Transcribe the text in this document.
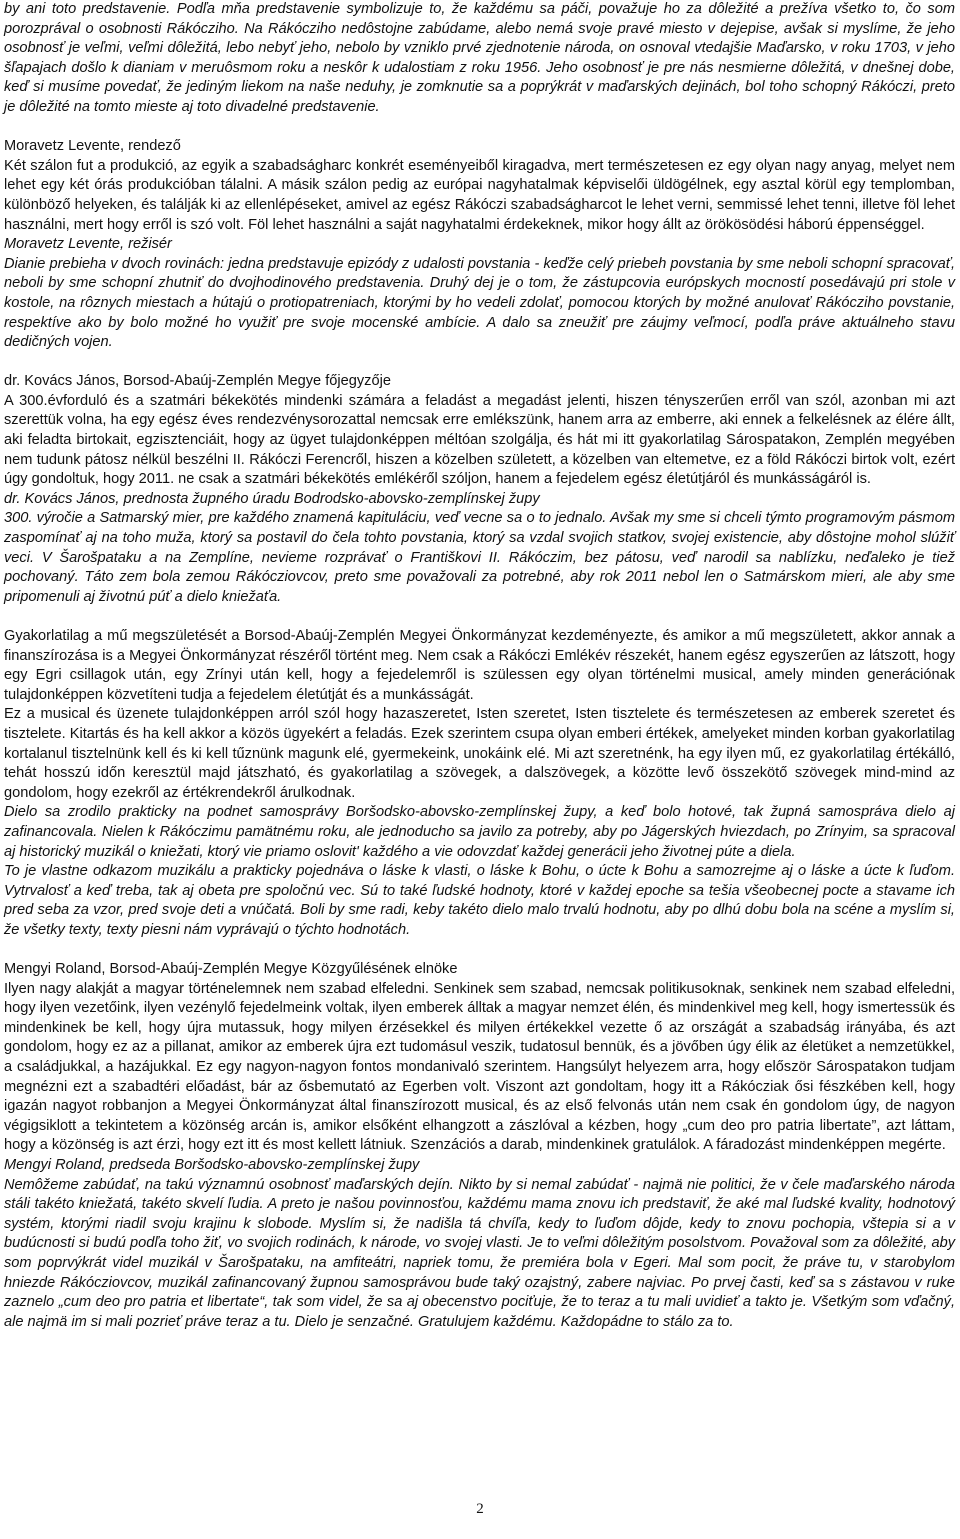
by ani toto predstavenie. Podľa mňa predstavenie symbolizuje to, že každému sa páči, považuje ho za dôležité a prežíva všetko to, čo som porozprával o osobnosti Rákócziho. Na Rákócziho nedôstojne zabúdame, alebo nemá svoje pravé miesto v dejepise, avšak si myslíme, že jeho osobnosť je veľmi, veľmi dôležitá, lebo nebyť jeho, nebolo by vzniklo prvé zjednotenie národa, on osnoval vtedajšie Maďarsko, v roku 1703, v jeho šľapajach došlo k dianiam v meruôsmom roku a neskôr k udalostiam z roku 1956. Jeho osobnosť je pre nás nesmierne dôležitá, v dnešnej dobe, keď si musíme povedať, že jediným liekom na naše neduhy, je zomknutie sa a poprýkrát v maďarských dejinách, bol toho schopný Rákóczi, preto je dôležité na tomto mieste aj toto divadelné predstavenie.

Moravetz Levente, rendező

Két szálon fut a produkció, az egyik a szabadságharc konkrét eseményeiből kiragadva, mert természetesen ez egy olyan nagy anyag, melyet nem lehet egy két órás produkcióban tálalni. A másik szálon pedig az európai nagyhatalmak képviselői üldögélnek, egy asztal körül egy templomban, különböző helyeken, és találják ki az ellenlépéseket, amivel az egész Rákóczi szabadságharcot le lehet verni, semmissé lehet tenni, illetve föl lehet használni, mert hogy erről is szó volt. Föl lehet használni a saját nagyhatalmi érdekeknek, mikor hogy állt az örökösödési háború éppenséggel.

Moravetz Levente, režisér

Dianie prebieha v dvoch rovinách: jedna predstavuje epizódy z udalosti povstania - keďže celý priebeh povstania by sme neboli schopní spracovať, neboli by sme schopní zhutniť do dvojhodinového predstavenia. Druhý dej je o tom, že zástupcovia európskych mocností posedávajú pri stole v kostole, na rôznych miestach a hútajú o protiopatreniach, ktorými by ho vedeli zdolať, pomocou ktorých by možné anulovať Rákócziho povstanie, respektíve ako by bolo možné ho využiť pre svoje mocenské ambície. A dalo sa zneužiť pre záujmy veľmocí, podľa práve aktuálneho stavu dedičných vojen.

dr. Kovács János, Borsod-Abaúj-Zemplén Megye főjegyzője

A 300.évforduló és a szatmári békekötés mindenki számára a feladást a megadást jelenti, hiszen tényszerűen erről van szól, azonban mi azt szerettük volna, ha egy egész éves rendezvénysorozattal nemcsak erre emlékszünk, hanem arra az emberre, aki ennek a felkelésnek az élére állt, aki feladta birtokait, egzisztenciáit, hogy az ügyet tulajdonképpen méltóan szolgálja, és hát mi itt gyakorlatilag Sárospatakon, Zemplén megyében nem tudunk pátosz nélkül beszélni II. Rákóczi Ferencről, hiszen a közelben született, a közelben van eltemetve, ez a föld Rákóczi birtok volt, ezért úgy gondoltuk, hogy 2011. ne csak a szatmári békekötés emlékéről szóljon, hanem a fejedelem egész életútjáról és munkásságáról is.

dr. Kovács János, prednosta župného úradu Bodrodsko-abovsko-zemplínskej župy

300. výročie a Satmarský mier, pre každého znamená kapituláciu, veď vecne sa o to jednalo. Avšak my sme si chceli týmto programovým pásmom zaspomínať aj na toho muža, ktorý sa postavil do čela tohto povstania, ktorý sa vzdal svojich statkov, svojej existencie, aby dôstojne mohol slúžiť veci. V Šarošpataku a na Zemplíne, nevieme rozprávať o Františkovi II. Rákóczim, bez pátosu, veď narodil sa nablízku, neďaleko je tiež pochovaný. Táto zem bola zemou Rákócziovcov, preto sme považovali za potrebné, aby rok 2011 nebol len o Satmárskom mieri, ale aby sme pripomenuli aj životnú púť a dielo kniežaťa.

Gyakorlatilag a mű megszületését a Borsod-Abaúj-Zemplén Megyei Önkormányzat kezdeményezte, és amikor a mű megszületett, akkor annak a finanszírozása is a Megyei Önkormányzat részéről történt meg. Nem csak a Rákóczi Emlékév részekét, hanem egész egyszerűen az látszott, hogy egy Egri csillagok után, egy Zrínyi után kell, hogy a fejedelemről is szülessen egy olyan történelmi musical, amely minden generációnak tulajdonképpen közvetíteni tudja a fejedelem életútját és a munkásságát.

Ez a musical és üzenete tulajdonképpen arról szól hogy hazaszeretet, Isten szeretet, Isten tisztelete és természetesen az emberek szeretet és tisztelete. Kitartás és ha kell akkor a közös ügyekért a feladás. Ezek szerintem csupa olyan emberi értékek, amelyeket minden korban gyakorlatilag kortalanul tisztelnünk kell és ki kell tűznünk magunk elé, gyermekeink, unokáink elé. Mi azt szeretnénk, ha egy ilyen mű, ez gyakorlatilag értékálló, tehát hosszú időn keresztül majd játszható, és gyakorlatilag a szövegek, a dalszövegek, a közötte levő összekötő szövegek mind-mind az gondolom, hogy ezekről az értékrendekről árulkodnak.

Dielo sa zrodilo prakticky na podnet samosprávy Boršodsko-abovsko-zemplínskej župy, a keď bolo hotové, tak župná samospráva dielo aj zafinancovala. Nielen k Rákóczimu pamätnému roku, ale jednoducho sa javilo za potreby, aby po Jágerských hviezdach, po Zrínyim, sa spracoval aj historický muzikál o kniežati, ktorý vie priamo oslovit' každého a vie odovzdať každej generácii jeho životnej púte a diela.

To je vlastne odkazom muzikálu a prakticky pojednáva o láske k vlasti, o láske k Bohu, o úcte k Bohu a samozrejme aj o láske a úcte k ľuďom. Vytrvalosť a keď treba, tak aj obeta pre spoločnú vec. Sú to také ľudské hodnoty, ktoré v každej epoche sa tešia všeobecnej pocte a stavame ich pred seba za vzor, pred svoje deti a vnúčatá. Boli by sme radi, keby takéto dielo malo trvalú hodnotu, aby po dlhú dobu bola na scéne a myslím si, že všetky texty, texty piesni nám vyprávajú o týchto hodnotách.

Mengyi Roland, Borsod-Abaúj-Zemplén Megye Közgyűlésének elnöke

Ilyen nagy alakját a magyar történelemnek nem szabad elfeledni. Senkinek sem szabad, nemcsak politikusoknak, senkinek nem szabad elfeledni, hogy ilyen vezetőink, ilyen vezénylő fejedelmeink voltak, ilyen emberek álltak a magyar nemzet élén, és mindenkivel meg kell, hogy ismertessük és mindenkinek be kell, hogy újra mutassuk, hogy milyen érzésekkel és milyen értékekkel vezette ő az országát a szabadság irányába, és azt gondolom, hogy ez az a pillanat, amikor az emberek újra ezt tudomásul veszik, tudatosul bennük, és a jövőben úgy élik az életüket a nemzetükkel, a családjukkal, a hazájukkal. Ez egy nagyon-nagyon fontos mondanivaló szerintem. Hangsúlyt helyezem arra, hogy először Sárospatakon tudjam megnézni ezt a szabadtéri előadást, bár az ősbemutató az Egerben volt. Viszont azt gondoltam, hogy itt a Rákócziak ősi fészkében kell, hogy igazán nagyot robbanjon a Megyei Önkormányzat által finanszírozott musical, és az első felvonás után nem csak én gondolom úgy, de nagyon végigsiklott a tekintetem a közönség arcán is, amikor elsőként elhangzott a zászlóval a kézben, hogy „cum deo pro patria libertate”, azt láttam, hogy a közönség is azt érzi, hogy ezt itt és most kellett látniuk. Szenzációs a darab, mindenkinek gratulálok. A fáradozást mindenképpen megérte.

Mengyi Roland, predseda Boršodsko-abovsko-zemplínskej župy

Nemôžeme zabúdať, na takú významnú osobnosť maďarských dejín. Nikto by si nemal zabúdať - najmä nie politici, že v čele maďarského národa stáli takéto kniežatá, takéto skvelí ľudia. A preto je našou povinnosťou, každému mama znovu ich predstaviť, že aké mal ľudské kvality, hodnotový systém, ktorými riadil svoju krajinu k slobode. Myslím si, že nadišla tá chvíľa, kedy to ľuďom dôjde, kedy to znovu pochopia, vštepia si a v budúcnosti si budú podľa toho žiť, vo svojich rodinách, k národe, vo svojej vlasti. Je to veľmi dôležitým posolstvom. Považoval som za dôležité, aby som poprvýkrát videl muzikál v Šarošpataku, na amfiteátri, napriek tomu, že premiéra bola v Egeri. Mal som pocit, že práve tu, v starobylom hniezde Rákócziovcov, muzikál zafinancovaný župnou samosprávou bude taký ozajstný, zabere najviac. Po prvej časti, keď sa s zástavou v ruke zaznelo „cum deo pro patria et libertate“, tak som videl, že sa aj obecenstvo pociťuje, že to teraz a tu mali uvidieť a takto je. Všetkým som vďačný, ale najmä im si mali pozrieť práve teraz a tu. Dielo je senzačné. Gratulujem každému. Každopádne to stálo za to.

2
